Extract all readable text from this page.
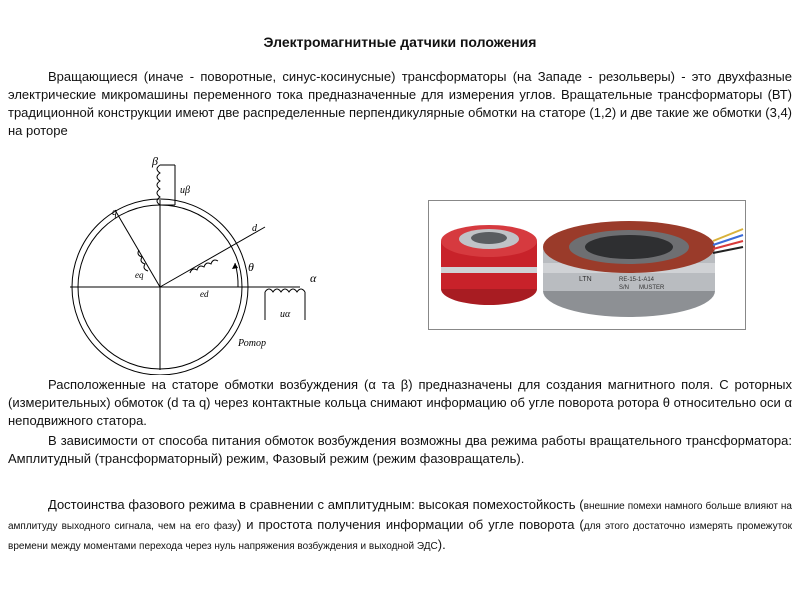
Электромагнитные датчики положения
Вращающиеся (иначе - поворотные, синус-косинусные) трансформаторы (на Западе - резольверы) - это двухфазные электрические микромашины переменного тока предназначенные для измерения углов. Вращательные трансформаторы (ВТ) традиционной конструкции имеют две распределенные перпендикулярные обмотки на статоре (1,2) и две такие же обмотки (3,4) на роторе
β
uβ
q
d
θ
α
eq
ed
uα
Ротор
LTN	RE-15-1-A14
S/N MUSTER
Расположенные на статоре обмотки возбуждения (α та β) предназначены для создания магнитного поля. С роторных (измерительных) обмоток (d та q) через контактные кольца снимают информацию об угле поворота ротора θ относительно оси α неподвижного статора.
В зависимости от способа питания обмоток возбуждения возможны два режима работы вращательного трансформатора: Амплитудный (трансформаторный) режим, Фазовый режим (режим фазовращатель).
Достоинства фазового режима в сравнении с амплитудным: высокая помехостойкость (внешние помехи намного больше влияют на амплитуду выходного сигнала, чем на его фазу) и простота получения информации об угле поворота (для этого достаточно измерять промежуток времени между моментами перехода через нуль напряжения возбуждения и выходной ЭДС).
